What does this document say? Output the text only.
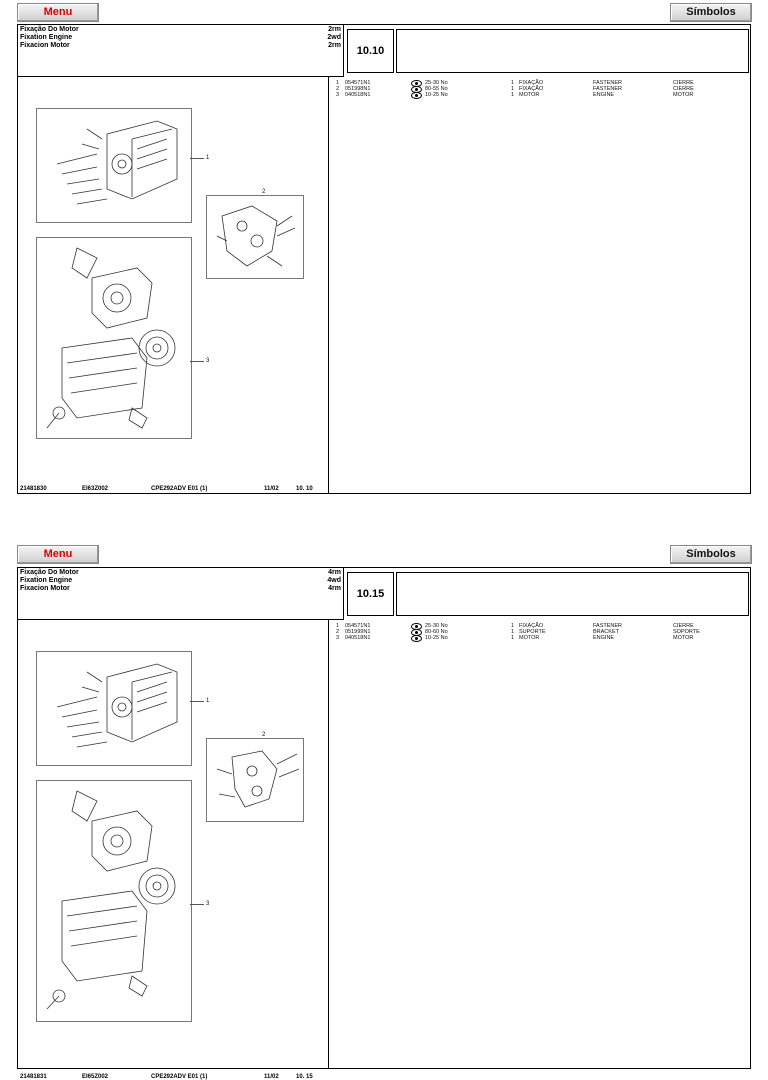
Menu	Símbolos
Fixação Do Motor
Fixation Engine
Fixacion Motor
2rm
2wd
2rm	10.10
1
2
3
1 054571N1	25-30 No	1 FIXAÇÃO	FASTENER	CIERRE
2 051998N1	80-55 No	1 FIXAÇÃO	FASTENER	CIERRE
3 040518N1	10-25 No	1 MOTOR	ENGINE	MOTOR
21481830	EI63Z002	CPE292ADV E01 (1)	11/02	10. 10
Menu	Símbolos
Fixação Do Motor
Fixation Engine
Fixacion Motor
4rm
4wd
4rm	10.15
1
2
3
1 054571N1	25-30 No	1 FIXAÇÃO	FASTENER	CIERRE
2 051999N1	80-60 No	1 SUPORTE	BRACKET	SOPORTE
3 040518N1	10-25 No	1 MOTOR	ENGINE	MOTOR
21481831	EI65Z002	CPE292ADV E01 (1)	11/02	10. 15
